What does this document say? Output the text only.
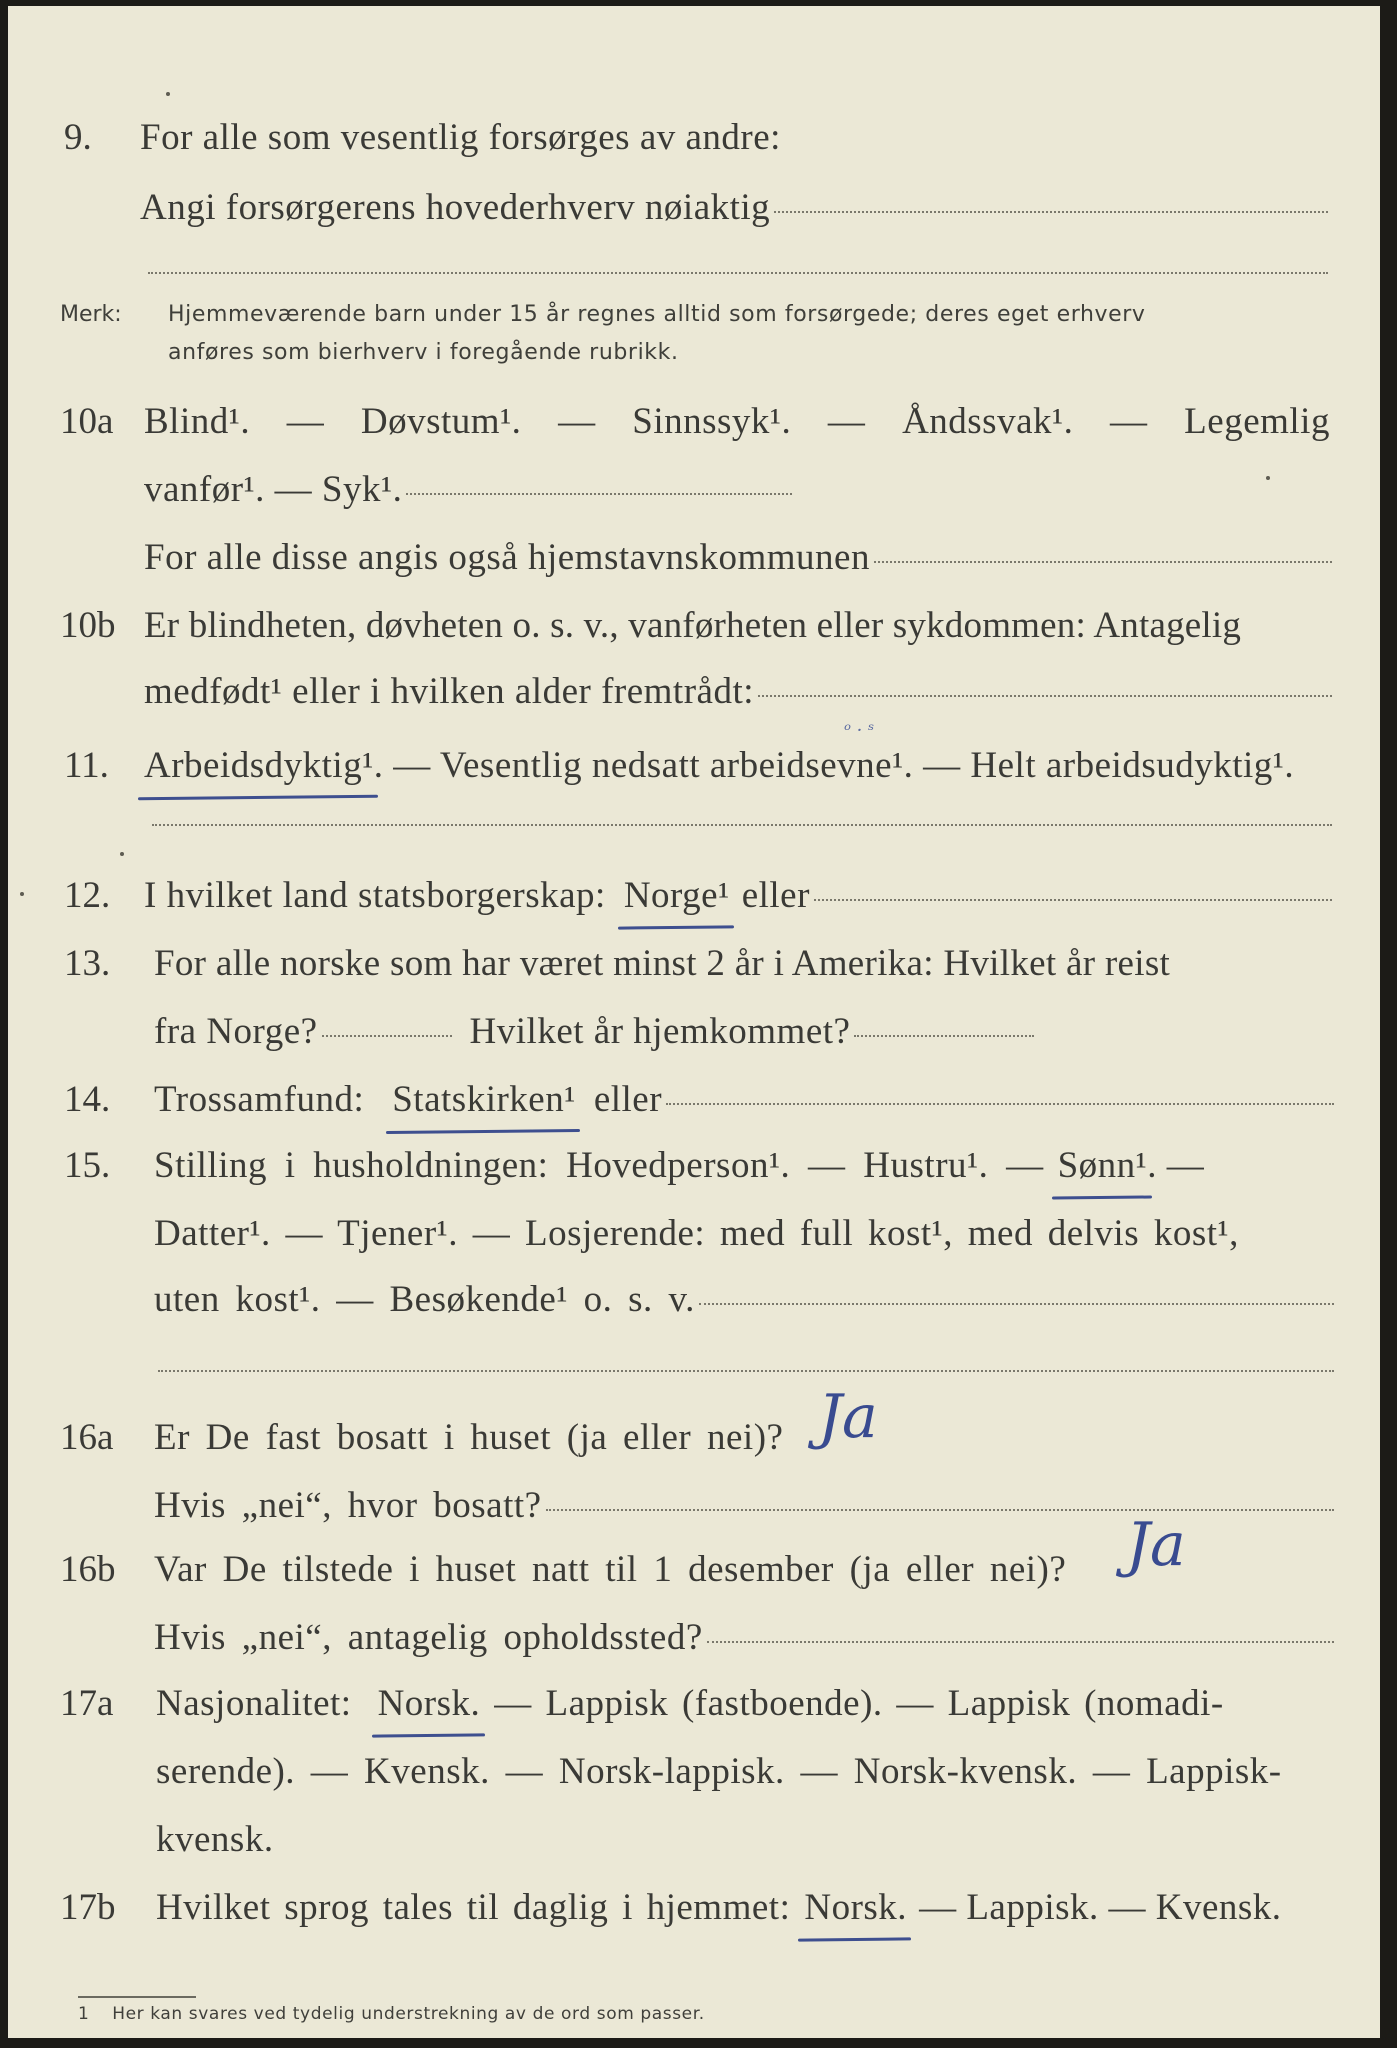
9. For alle som vesentlig forsørges av andre:
Angi forsørgerens hovederhverv nøiaktig
Merk: Hjemmeværende barn under 15 år regnes alltid som forsørgede; deres eget erhverv
anføres som bierhverv i foregående rubrikk.
10a Blind¹. — Døvstum¹. — Sinnssyk¹. — Åndssvak¹. — Legemlig
vanfør¹. — Syk¹.
For alle disse angis også hjemstavnskommunen
10b Er blindheten, døvheten o. s. v., vanførheten eller sykdommen: Antagelig
medfødt¹ eller i hvilken alder fremtrådt:
11. Arbeidsdyktig¹ . — Vesentlig nedsatt arbeidsevne¹. — Helt arbeidsudyktig¹.
ᵒ · ˢ
12. I hvilket land statsborgerskap: Norge¹ eller
13. For alle norske som har været minst 2 år i Amerika: Hvilket år reist
fra Norge?	Hvilket år hjemkommet?
14. Trossamfund: Statskirken¹ eller
15. Stilling i husholdningen: Hovedperson¹. — Hustru¹. — Sønn¹ . —
Datter¹. — Tjener¹. — Losjerende: med full kost¹, med delvis kost¹,
uten kost¹. — Besøkende¹ o. s. v.
16a Er De fast bosatt i huset (ja eller nei)? Ja
Hvis „nei“, hvor bosatt?
16b Var De tilstede i huset natt til 1 desember (ja eller nei)? Ja
Hvis „nei“, antagelig opholdssted?
17a Nasjonalitet: Norsk. — Lappisk (fastboende). — Lappisk (nomadi-
serende). — Kvensk. — Norsk-lappisk. — Norsk-kvensk. — Lappisk-
kvensk.
17b Hvilket sprog tales til daglig i hjemmet: Norsk. — Lappisk. — Kvensk.
1 Her kan svares ved tydelig understrekning av de ord som passer.
